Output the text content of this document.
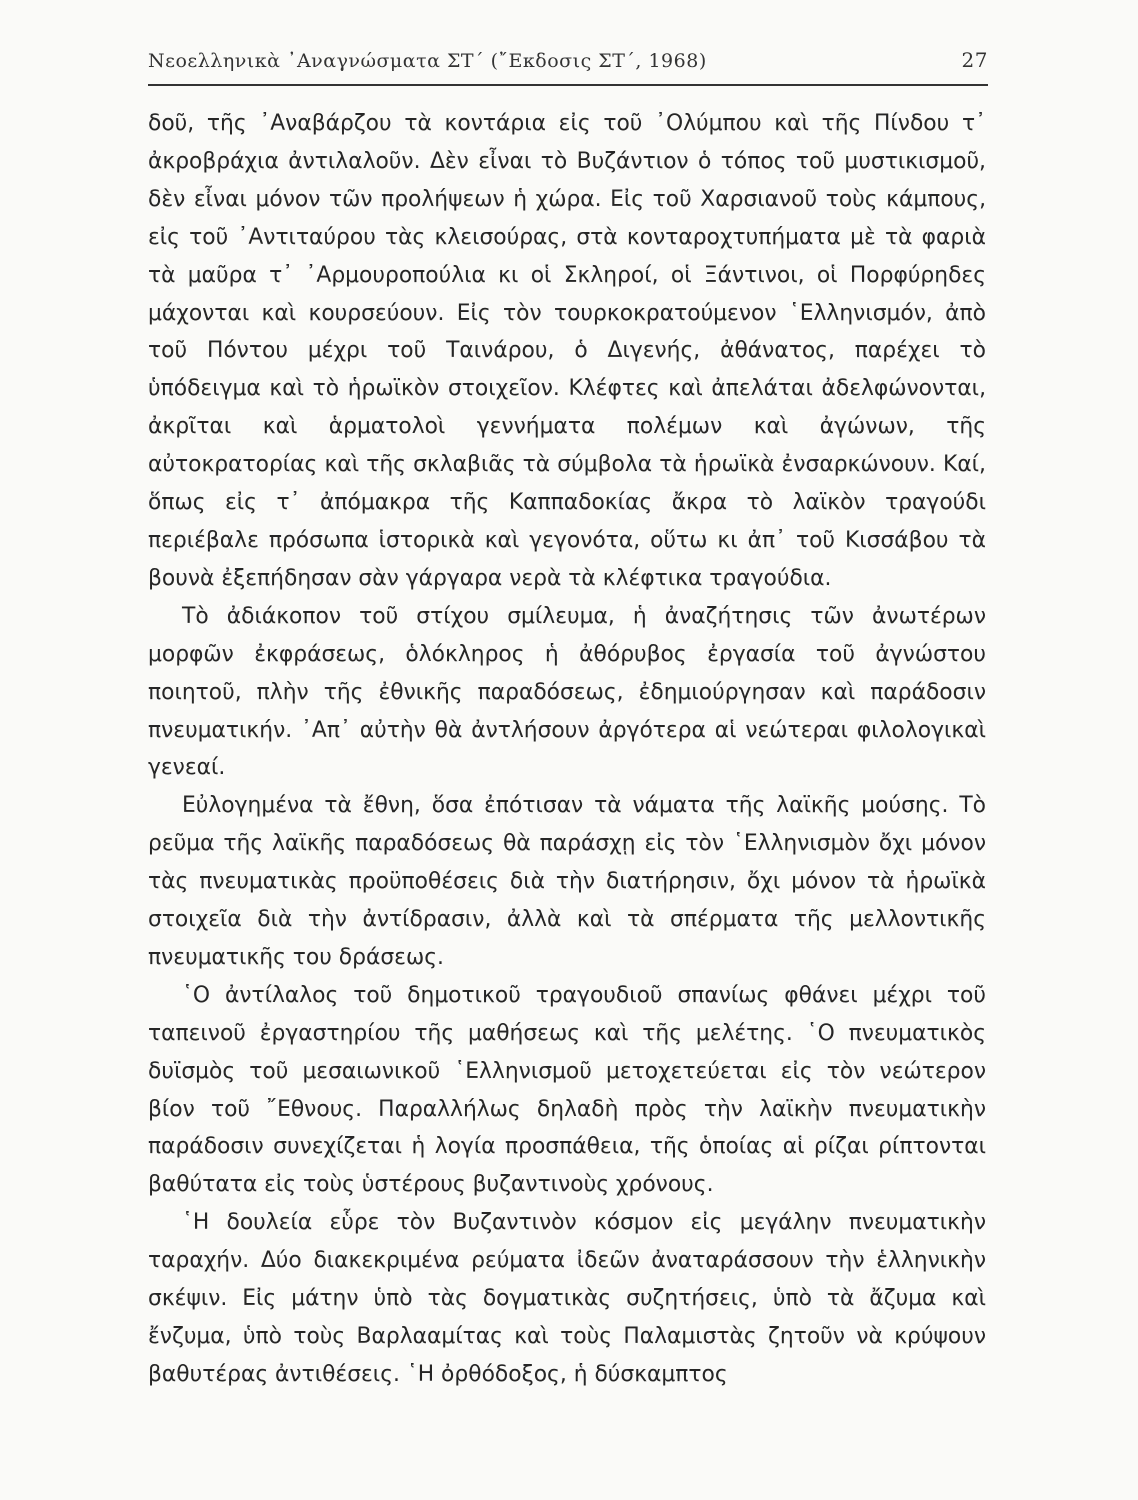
Νεοελληνικὰ ᾿Αναγνώσματα ΣΤ΄ (῎Εκδοσις ΣΤ΄, 1968)	27

δοῦ, τῆς ᾿Αναβάρζου τὰ κοντάρια εἰς τοῦ ᾿Ολύμπου καὶ τῆς Πίνδου τ᾿ ἀκροβράχια ἀντιλαλοῦν. Δὲν εἶναι τὸ Βυζάντιον ὁ τόπος τοῦ μυστικισμοῦ, δὲν εἶναι μόνον τῶν προλήψεων ἡ χώρα. Εἰς τοῦ Χαρσιανοῦ τοὺς κάμπους, εἰς τοῦ ᾿Αντιταύρου τὰς κλεισούρας, στὰ κονταροχτυπήματα μὲ τὰ φαριὰ τὰ μαῦρα τ᾿ ᾿Αρμουροπούλια κι οἱ Σκληροί, οἱ Ξάντινοι, οἱ Πορφύρηδες μάχονται καὶ κουρσεύουν. Εἰς τὸν τουρκοκρατούμενον ῾Ελληνισμόν, ἀπὸ τοῦ Πόντου μέχρι τοῦ Ταινάρου, ὁ Διγενής, ἀθάνατος, παρέχει τὸ ὑπόδειγμα καὶ τὸ ἡρωϊκὸν στοιχεῖον. Κλέφτες καὶ ἀπελάται ἀδελφώνονται, ἀκρῖται καὶ ἁρματολοὶ γεννήματα πολέμων καὶ ἀγώνων, τῆς αὐτοκρατορίας καὶ τῆς σκλαβιᾶς τὰ σύμβολα τὰ ἡρωϊκὰ ἐνσαρκώνουν. Καί, ὅπως εἰς τ᾿ ἀπόμακρα τῆς Καππαδοκίας ἄκρα τὸ λαϊκὸν τραγούδι περιέβαλε πρόσωπα ἱστορικὰ καὶ γεγονότα, οὕτω κι ἀπ᾿ τοῦ Κισσάβου τὰ βουνὰ ἐξεπήδησαν σὰν γάργαρα νερὰ τὰ κλέφτικα τραγούδια.

Τὸ ἀδιάκοπον τοῦ στίχου σμίλευμα, ἡ ἀναζήτησις τῶν ἀνωτέρων μορφῶν ἐκφράσεως, ὁλόκληρος ἡ ἀθόρυβος ἐργασία τοῦ ἀγνώστου ποιητοῦ, πλὴν τῆς ἐθνικῆς παραδόσεως, ἐδημιούργησαν καὶ παράδοσιν πνευματικήν. ᾿Απ᾿ αὐτὴν θὰ ἀντλήσουν ἀργότερα αἱ νεώτεραι φιλολογικαὶ γενεαί.

Εὐλογημένα τὰ ἔθνη, ὅσα ἐπότισαν τὰ νάματα τῆς λαϊκῆς μούσης. Τὸ ρεῦμα τῆς λαϊκῆς παραδόσεως θὰ παράσχῃ εἰς τὸν ῾Ελληνισμὸν ὄχι μόνον τὰς πνευματικὰς προϋποθέσεις διὰ τὴν διατήρησιν, ὄχι μόνον τὰ ἡρωϊκὰ στοιχεῖα διὰ τὴν ἀντίδρασιν, ἀλλὰ καὶ τὰ σπέρματα τῆς μελλοντικῆς πνευματικῆς του δράσεως.

῾Ο ἀντίλαλος τοῦ δημοτικοῦ τραγουδιοῦ σπανίως φθάνει μέχρι τοῦ ταπεινοῦ ἐργαστηρίου τῆς μαθήσεως καὶ τῆς μελέτης. ῾Ο πνευματικὸς δυϊσμὸς τοῦ μεσαιωνικοῦ ῾Ελληνισμοῦ μετοχετεύεται εἰς τὸν νεώτερον βίον τοῦ ῎Εθνους. Παραλλήλως δηλαδὴ πρὸς τὴν λαϊκὴν πνευματικὴν παράδοσιν συνεχίζεται ἡ λογία προσπάθεια, τῆς ὁποίας αἱ ρίζαι ρίπτονται βαθύτατα εἰς τοὺς ὑστέρους βυζαντινοὺς χρόνους.

῾Η δουλεία εὗρε τὸν Βυζαντινὸν κόσμον εἰς μεγάλην πνευματικὴν ταραχήν. Δύο διακεκριμένα ρεύματα ἰδεῶν ἀναταράσσουν τὴν ἑλληνικὴν σκέψιν. Εἰς μάτην ὑπὸ τὰς δογματικὰς συζητήσεις, ὑπὸ τὰ ἄζυμα καὶ ἔνζυμα, ὑπὸ τοὺς Βαρλααμίτας καὶ τοὺς Παλαμιστὰς ζητοῦν νὰ κρύψουν βαθυτέρας ἀντιθέσεις. ῾Η ὀρθόδοξος, ἡ δύσκαμπτος
